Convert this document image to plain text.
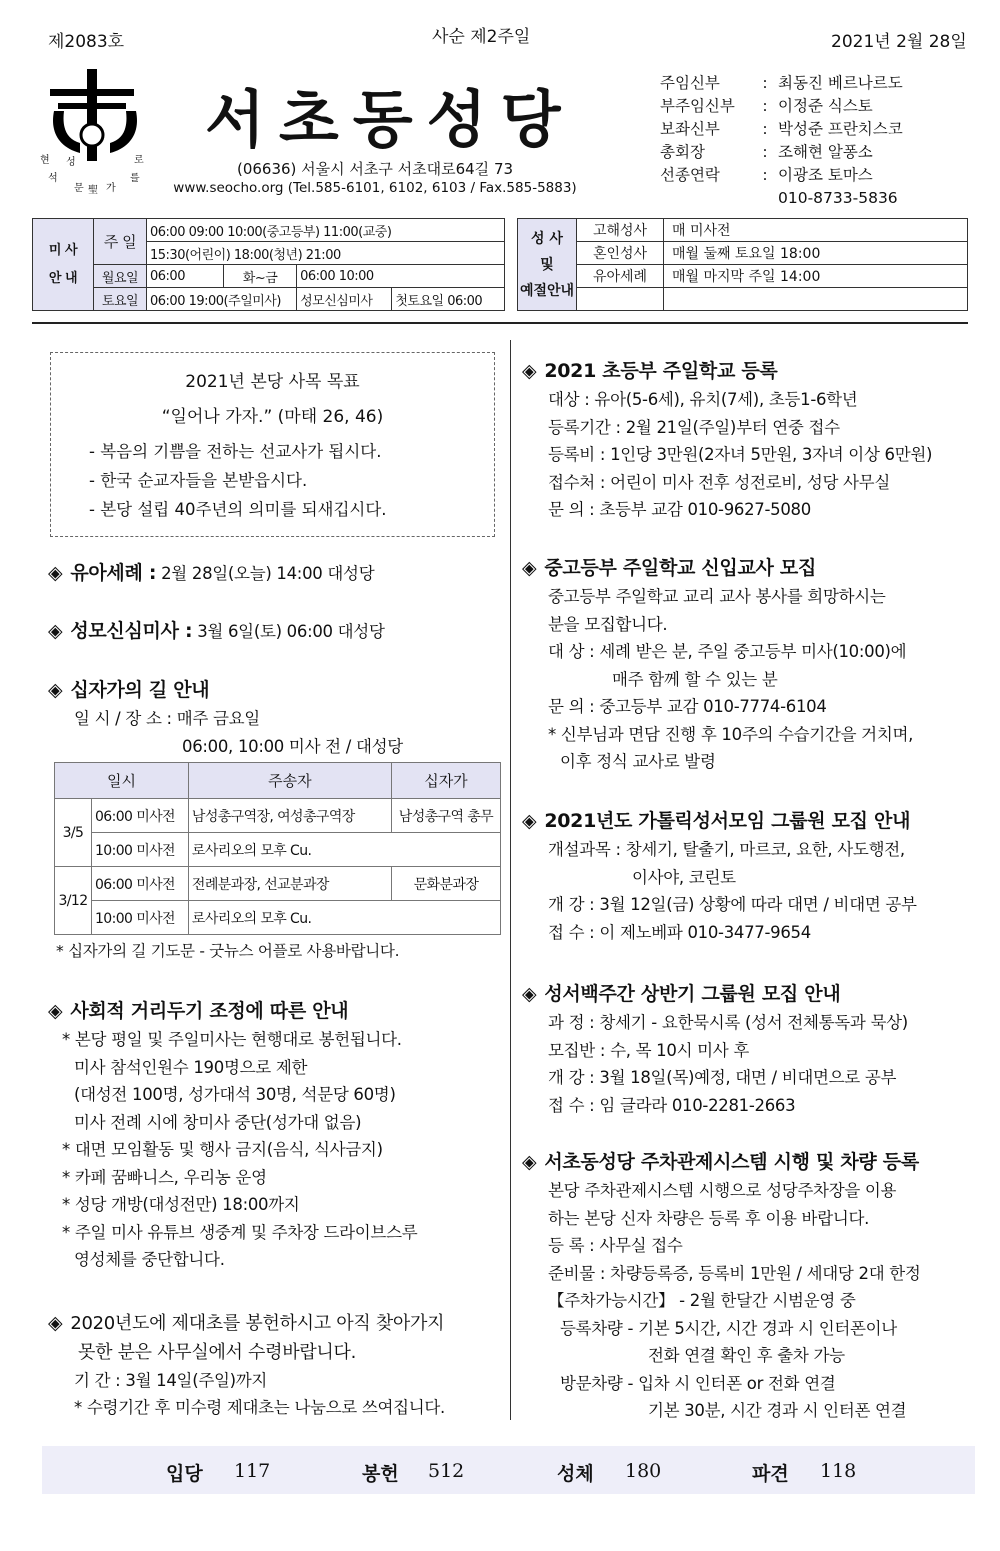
제2083호	사순 제2주일	2021년 2월 28일
현 성	로
석
문 聖 가
를
서초동성당
(06636) 서울시 서초구 서초대로64길 73
www.seocho.org (Tel.585-6101, 6102, 6103 / Fax.585-5883)
주임신부	: 최동진 베르나르도
부주임신부	: 이정준 식스토
보좌신부	: 박성준 프란치스코
총회장	: 조해현 알퐁소
선종연락	: 이광조 토마스
010-8733-5836
미 사
안 내	주 일	06:00 09:00 10:00(중고등부) 11:00(교중)			
		15:30(어린이) 18:00(청년) 21:00			
	월요일	06:00	화~금	06:00 10:00	
	토요일	06:00 19:00(주일미사)		성모신심미사	첫토요일 06:00
성 사
및
예절안내	고해성사	매 미사전
	혼인성사	매월 둘째 토요일 18:00
	유아세례	매월 마지막 주일 14:00

2021년 본당 사목 목표
“일어나 가자.” (마태 26, 46)
- 복음의 기쁨을 전하는 선교사가 됩시다.
- 한국 순교자들을 본받읍시다.
- 본당 설립 40주년의 의미를 되새깁시다.
◈ 유아세례 : 2월 28일(오늘) 14:00 대성당
◈ 성모신심미사 : 3월 6일(토) 06:00 대성당
◈ 십자가의 길 안내
일 시 / 장 소 : 매주 금요일
06:00, 10:00 미사 전 / 대성당
일시		주송자	십자가
3/5	06:00 미사전	남성총구역장, 여성총구역장	남성총구역 총무
	10:00 미사전	로사리오의 모후 Cu.	
3/12	06:00 미사전	전례분과장, 선교분과장	문화분과장
	10:00 미사전	로사리오의 모후 Cu.	
* 십자가의 길 기도문 - 굿뉴스 어플로 사용바랍니다.
◈ 사회적 거리두기 조정에 따른 안내
* 본당 평일 및 주일미사는 현행대로 봉헌됩니다.
미사 참석인원수 190명으로 제한
(대성전 100명, 성가대석 30명, 석문당 60명)
미사 전례 시에 창미사 중단(성가대 없음)
* 대면 모임활동 및 행사 금지(음식, 식사금지)
* 카페 꿈빠니스, 우리농 운영
* 성당 개방(대성전만) 18:00까지
* 주일 미사 유튜브 생중계 및 주차장 드라이브스루
영성체를 중단합니다.
◈ 2020년도에 제대초를 봉헌하시고 아직 찾아가지
못한 분은 사무실에서 수령바랍니다.
기 간 : 3월 14일(주일)까지
* 수령기간 후 미수령 제대초는 나눔으로 쓰여집니다.
◈ 2021 초등부 주일학교 등록
대상 : 유아(5-6세), 유치(7세), 초등1-6학년
등록기간 : 2월 21일(주일)부터 연중 접수
등록비 : 1인당 3만원(2자녀 5만원, 3자녀 이상 6만원)
접수처 : 어린이 미사 전후 성전로비, 성당 사무실
문 의 : 초등부 교감 010-9627-5080
◈ 중고등부 주일학교 신입교사 모집
중고등부 주일학교 교리 교사 봉사를 희망하시는
분을 모집합니다.
대 상 : 세례 받은 분, 주일 중고등부 미사(10:00)에
매주 함께 할 수 있는 분
문 의 : 중고등부 교감 010-7774-6104
* 신부님과 면담 진행 후 10주의 수습기간을 거치며,
이후 정식 교사로 발령
◈ 2021년도 가톨릭성서모임 그룹원 모집 안내
개설과목 : 창세기, 탈출기, 마르코, 요한, 사도행전,
이사야, 코린토
개 강 : 3월 12일(금) 상황에 따라 대면 / 비대면 공부
접 수 : 이 제노베파 010-3477-9654
◈ 성서백주간 상반기 그룹원 모집 안내
과 정 : 창세기 - 요한묵시록 (성서 전체통독과 묵상)
모집반 : 수, 목 10시 미사 후
개 강 : 3월 18일(목)예정, 대면 / 비대면으로 공부
접 수 : 임 글라라 010-2281-2663
◈ 서초동성당 주차관제시스템 시행 및 차량 등록
본당 주차관제시스템 시행으로 성당주차장을 이용
하는 본당 신자 차량은 등록 후 이용 바랍니다.
등 록 : 사무실 접수
준비물 : 차량등록증, 등록비 1만원 / 세대당 2대 한정
【주차가능시간】 - 2월 한달간 시범운영 중
등록차량 - 기본 5시간, 시간 경과 시 인터폰이나
전화 연결 확인 후 출차 가능
방문차량 - 입차 시 인터폰 or 전화 연결
기본 30분, 시간 경과 시 인터폰 연결
입당 117	봉헌 512	성체 180	파견 118
